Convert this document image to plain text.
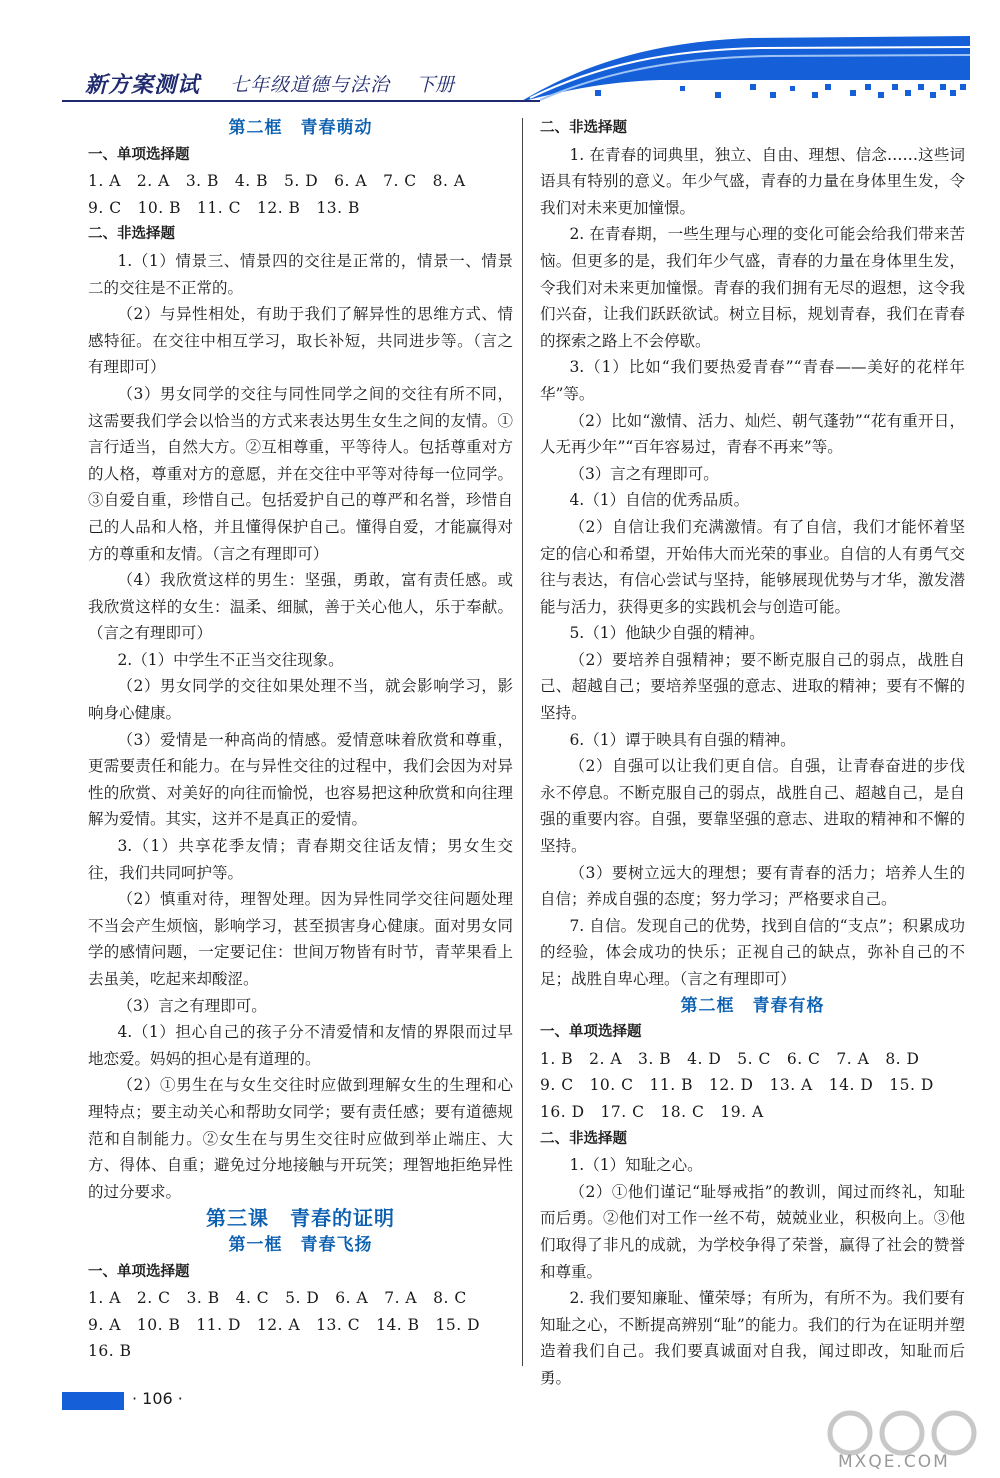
新方案测试 七年级道德与法治 下册

第二框　青春萌动

一、单项选择题

1. A　2. A　3. B　4. B　5. D　6. A　7. C　8. A

9. C　10. B　11. C　12. B　13. B

二、非选择题

1.（1）情景三、情景四的交往是正常的，情景一、情景二的交往是不正常的。

（2）与异性相处，有助于我们了解异性的思维方式、情感特征。在交往中相互学习，取长补短，共同进步等。（言之有理即可）

（3）男女同学的交往与同性同学之间的交往有所不同，这需要我们学会以恰当的方式来表达男生女生之间的友情。①言行适当，自然大方。②互相尊重，平等待人。包括尊重对方的人格，尊重对方的意愿，并在交往中平等对待每一位同学。③自爱自重，珍惜自己。包括爱护自己的尊严和名誉，珍惜自己的人品和人格，并且懂得保护自己。懂得自爱，才能赢得对方的尊重和友情。（言之有理即可）

（4）我欣赏这样的男生：坚强，勇敢，富有责任感。或我欣赏这样的女生：温柔、细腻，善于关心他人，乐于奉献。（言之有理即可）

2.（1）中学生不正当交往现象。

（2）男女同学的交往如果处理不当，就会影响学习，影响身心健康。

（3）爱情是一种高尚的情感。爱情意味着欣赏和尊重，更需要责任和能力。在与异性交往的过程中，我们会因为对异性的欣赏、对美好的向往而愉悦，也容易把这种欣赏和向往理解为爱情。其实，这并不是真正的爱情。

3.（1）共享花季友情；青春期交往话友情；男女生交往，我们共同呵护等。

（2）慎重对待，理智处理。因为异性同学交往问题处理不当会产生烦恼，影响学习，甚至损害身心健康。面对男女同学的感情问题，一定要记住：世间万物皆有时节，青苹果看上去虽美，吃起来却酸涩。

（3）言之有理即可。

4.（1）担心自己的孩子分不清爱情和友情的界限而过早地恋爱。妈妈的担心是有道理的。

（2）①男生在与女生交往时应做到理解女生的生理和心理特点；要主动关心和帮助女同学；要有责任感；要有道德规范和自制能力。②女生在与男生交往时应做到举止端庄、大方、得体、自重；避免过分地接触与开玩笑；理智地拒绝异性的过分要求。

第三课　青春的证明

第一框　青春飞扬

一、单项选择题

1. A　2. C　3. B　4. C　5. D　6. A　7. A　8. C

9. A　10. B　11. D　12. A　13. C　14. B　15. D

16. B

二、非选择题

1. 在青春的词典里，独立、自由、理想、信念……这些词语具有特别的意义。年少气盛，青春的力量在身体里生发，令我们对未来更加憧憬。

2. 在青春期，一些生理与心理的变化可能会给我们带来苦恼。但更多的是，我们年少气盛，青春的力量在身体里生发，令我们对未来更加憧憬。青春的我们拥有无尽的遐想，这令我们兴奋，让我们跃跃欲试。树立目标，规划青春，我们在青春的探索之路上不会停歇。

3.（1）比如“我们要热爱青春”“青春——美好的花样年华”等。

（2）比如“激情、活力、灿烂、朝气蓬勃”“花有重开日，人无再少年”“百年容易过，青春不再来”等。

（3）言之有理即可。

4.（1）自信的优秀品质。

（2）自信让我们充满激情。有了自信，我们才能怀着坚定的信心和希望，开始伟大而光荣的事业。自信的人有勇气交往与表达，有信心尝试与坚持，能够展现优势与才华，激发潜能与活力，获得更多的实践机会与创造可能。

5.（1）他缺少自强的精神。

（2）要培养自强精神；要不断克服自己的弱点，战胜自己、超越自己；要培养坚强的意志、进取的精神；要有不懈的坚持。

6.（1）谭于映具有自强的精神。

（2）自强可以让我们更自信。自强，让青春奋进的步伐永不停息。不断克服自己的弱点，战胜自己、超越自己，是自强的重要内容。自强，要靠坚强的意志、进取的精神和不懈的坚持。

（3）要树立远大的理想；要有青春的活力；培养人生的自信；养成自强的态度；努力学习；严格要求自己。

7. 自信。发现自己的优势，找到自信的“支点”；积累成功的经验，体会成功的快乐；正视自己的缺点，弥补自己的不足；战胜自卑心理。（言之有理即可）

第二框　青春有格

一、单项选择题

1. B　2. A　3. B　4. D　5. C　6. C　7. A　8. D

9. C　10. C　11. B　12. D　13. A　14. D　15. D

16. D　17. C　18. C　19. A

二、非选择题

1.（1）知耻之心。

（2）①他们谨记“耻辱戒指”的教训，闻过而终礼，知耻而后勇。②他们对工作一丝不苟，兢兢业业，积极向上。③他们取得了非凡的成就，为学校争得了荣誉，赢得了社会的赞誉和尊重。

2. 我们要知廉耻、懂荣辱；有所为，有所不为。我们要有知耻之心，不断提高辨别“耻”的能力。我们的行为在证明并塑造着我们自己。我们要真诚面对自我，闻过即改，知耻而后勇。

· 106 ·
MXQE.COM
